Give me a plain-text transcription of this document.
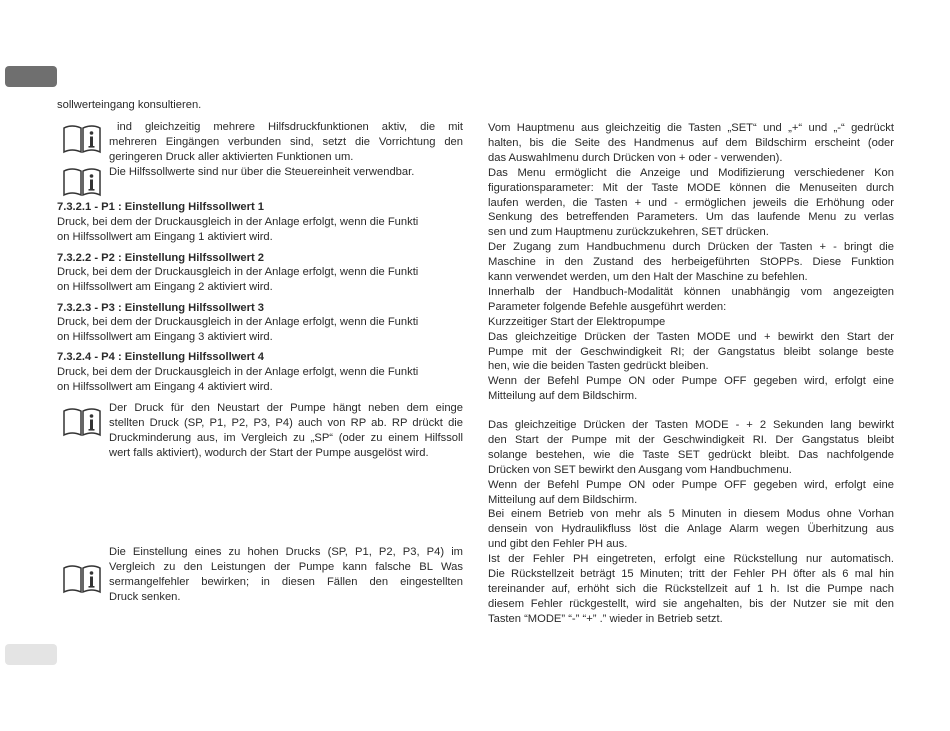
sollwerteingang konsultieren.

ind gleichzeitig mehrere Hilfsdruckfunktionen aktiv, die mit

mehreren Eingängen verbunden sind, setzt die Vorrichtung den

geringeren Druck aller aktivierten Funktionen um.

Die Hilfssollwerte sind nur über die Steuereinheit verwendbar.

7.3.2.1 - P1 : Einstellung Hilfssollwert 1

Druck, bei dem der Druckausgleich in der Anlage erfolgt, wenn die Funkti

on Hilfssollwert am Eingang 1 aktiviert wird.

7.3.2.2 - P2 : Einstellung Hilfssollwert 2

Druck, bei dem der Druckausgleich in der Anlage erfolgt, wenn die Funkti

on Hilfssollwert am Eingang 2 aktiviert wird.

7.3.2.3 - P3 : Einstellung Hilfssollwert 3

Druck, bei dem der Druckausgleich in der Anlage erfolgt, wenn die Funkti

on Hilfssollwert am Eingang 3 aktiviert wird.

7.3.2.4 - P4 : Einstellung Hilfssollwert 4

Druck, bei dem der Druckausgleich in der Anlage erfolgt, wenn die Funkti

on Hilfssollwert am Eingang 4 aktiviert wird.

Der Druck für den Neustart der Pumpe hängt neben dem einge

stellten Druck (SP, P1, P2, P3, P4) auch von RP ab. RP drückt die

Druckminderung aus, im Vergleich zu „SP“ (oder zu einem Hilfssoll

wert falls aktiviert), wodurch der Start der Pumpe ausgelöst wird.

Die Einstellung eines zu hohen Drucks (SP, P1, P2, P3, P4) im

Vergleich zu den Leistungen der Pumpe kann falsche BL Was

sermangelfehler bewirken; in diesen Fällen den eingestellten

Druck senken.

Vom Hauptmenu aus gleichzeitig die Tasten „SET“ und „+“ und „-“ gedrückt

halten, bis die Seite des Handmenus auf dem Bildschirm erscheint (oder

das Auswahlmenu durch Drücken von + oder - verwenden).

Das Menu ermöglicht die Anzeige und Modifizierung verschiedener Kon

figurationsparameter: Mit der Taste MODE können die Menuseiten durch

laufen werden, die Tasten + und - ermöglichen jeweils die Erhöhung oder

Senkung des betreffenden Parameters. Um das laufende Menu zu verlas

sen und zum Hauptmenu zurückzukehren, SET drücken.

Der Zugang zum Handbuchmenu durch Drücken der Tasten + - bringt die

Maschine in den Zustand des herbeigeführten StOPPs. Diese Funktion

kann verwendet werden, um den Halt der Maschine zu befehlen.

Innerhalb der Handbuch-Modalität können unabhängig vom angezeigten

Parameter folgende Befehle ausgeführt werden:

Kurzzeitiger Start der Elektropumpe

Das gleichzeitige Drücken der Tasten MODE und + bewirkt den Start der

Pumpe mit der Geschwindigkeit RI; der Gangstatus bleibt solange beste

hen, wie die beiden Tasten gedrückt bleiben.

Wenn der Befehl Pumpe ON oder Pumpe OFF gegeben wird, erfolgt eine

Mitteilung auf dem Bildschirm.

Das gleichzeitige Drücken der Tasten MODE - + 2 Sekunden lang bewirkt

den Start der Pumpe mit der Geschwindigkeit RI. Der Gangstatus bleibt

solange bestehen, wie die Taste SET gedrückt bleibt. Das nachfolgende

Drücken von SET bewirkt den Ausgang vom Handbuchmenu.

Wenn der Befehl Pumpe ON oder Pumpe OFF gegeben wird, erfolgt eine

Mitteilung auf dem Bildschirm.

Bei einem Betrieb von mehr als 5 Minuten in diesem Modus ohne Vorhan

densein von Hydraulikfluss löst die Anlage Alarm wegen Überhitzung aus

und gibt den Fehler PH aus.

Ist der Fehler PH eingetreten, erfolgt eine Rückstellung nur automatisch.

Die Rückstellzeit beträgt 15 Minuten; tritt der Fehler PH öfter als 6 mal hin

tereinander auf, erhöht sich die Rückstellzeit auf 1 h. Ist die Pumpe nach

diesem Fehler rückgestellt, wird sie angehalten, bis der Nutzer sie mit den

Tasten “MODE” “-” “+” .” wieder in Betrieb setzt.
